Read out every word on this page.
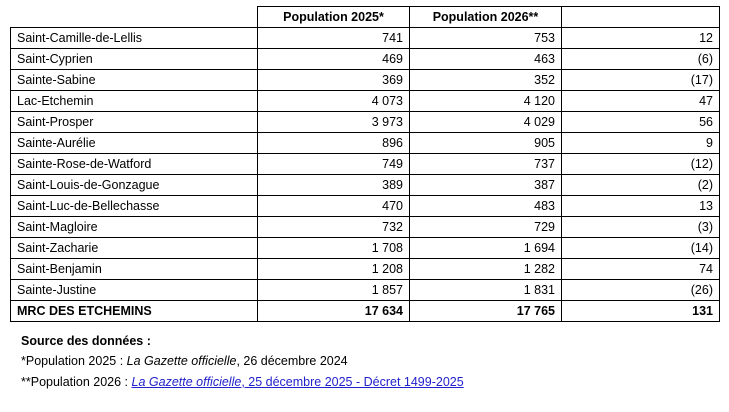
	Population 2025*	Population 2026**	
Saint-Camille-de-Lellis	741	753	12
Saint-Cyprien	469	463	(6)
Sainte-Sabine	369	352	(17)
Lac-Etchemin	4 073	4 120	47
Saint-Prosper	3 973	4 029	56
Sainte-Aurélie	896	905	9
Sainte-Rose-de-Watford	749	737	(12)
Saint-Louis-de-Gonzague	389	387	(2)
Saint-Luc-de-Bellechasse	470	483	13
Saint-Magloire	732	729	(3)
Saint-Zacharie	1 708	1 694	(14)
Saint-Benjamin	1 208	1 282	74
Sainte-Justine	1 857	1 831	(26)
MRC DES ETCHEMINS	17 634	17 765	131
Source des données :
*Population 2025 : La Gazette officielle, 26 décembre 2024
**Population 2026 : La Gazette officielle, 25 décembre 2025 - Décret 1499-2025
